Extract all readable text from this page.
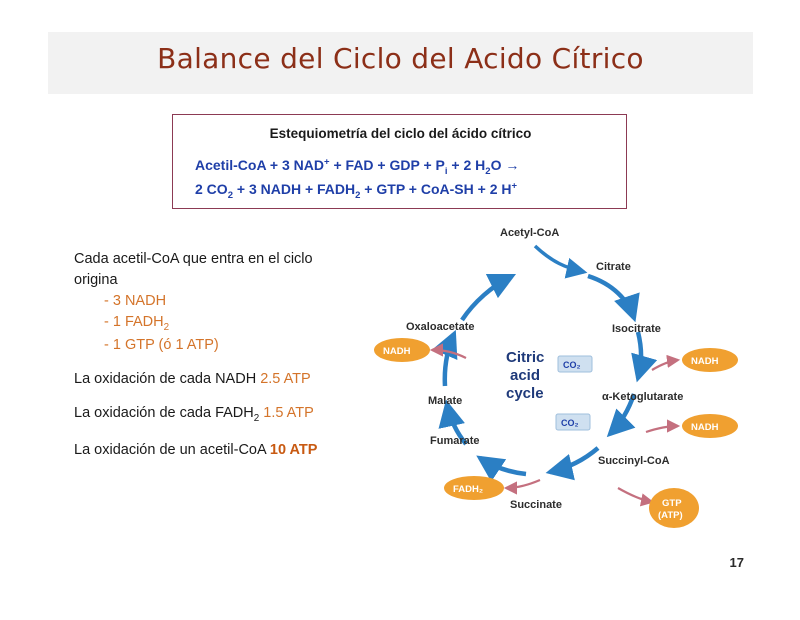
Balance del Ciclo del Acido Cítrico
Estequiometría del ciclo del ácido cítrico
Acetil-CoA + 3 NAD+ + FAD + GDP + $P_i + 2$ $H_2O$ →
2 $CO_2 + 3$ NADH + $FADH_2$ + GTP + CoA-SH + 2 H+

Cada acetil-CoA que entra en el ciclo

origina

- 3 NADH

- 1 $FADH_2$

- 1 GTP (ó 1 ATP)

La oxidación de cada NADH 2.5 ATP

La oxidación de cada $FADH_2$ 1.5 ATP

La oxidación de un acetil-CoA 10 ATP

Acetyl-CoA
Citrate
Isocitrate
α-Ketoglutarate
Succinyl-CoA
Succinate
Fumarate
Malate
Oxaloacetate
Citric
acid
cycle
CO₂
CO₂
NADH
NADH
NADH
FADH₂
GTP
(ATP)
17
